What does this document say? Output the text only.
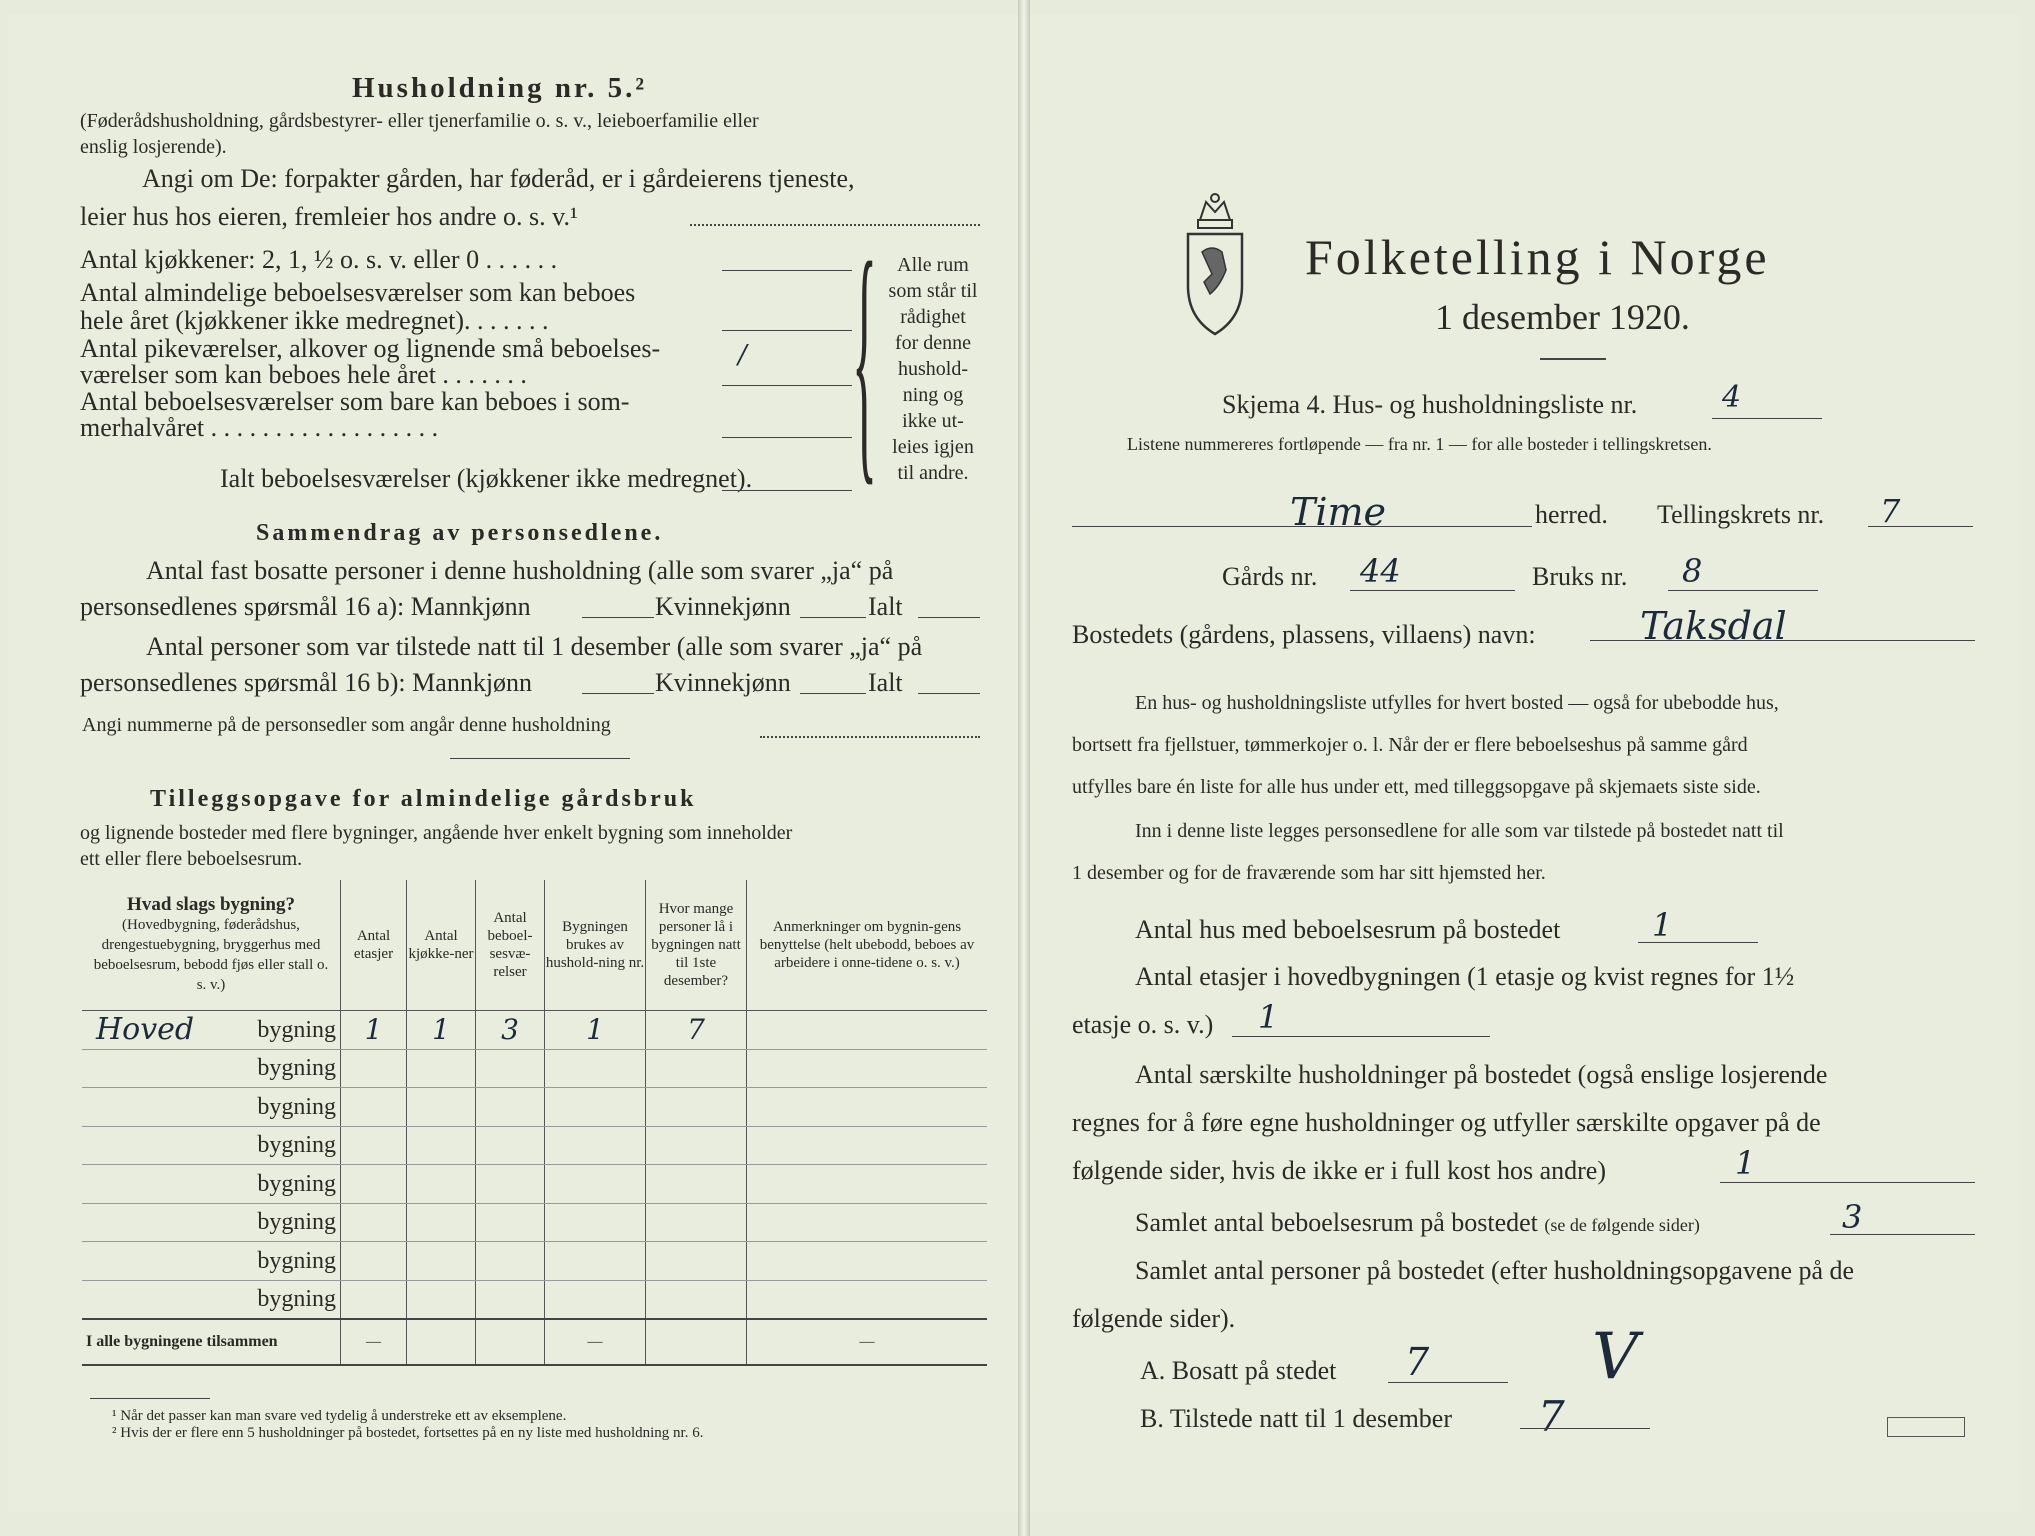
Husholdning nr. 5.²
(Føderådshusholdning, gårdsbestyrer- eller tjenerfamilie o. s. v., leieboerfamilie eller
enslig losjerende).
Angi om De: forpakter gården, har føderåd, er i gårdeierens tjeneste,
leier hus hos eieren, fremleier hos andre o. s. v.¹
Antal kjøkkener: 2, 1, ½ o. s. v. eller 0 . . . . . .
Antal almindelige beboelsesværelser som kan beboes
hele året (kjøkkener ikke medregnet). . . . . . .
Antal pikeværelser, alkover og lignende små beboelses-
værelser som kan beboes hele året . . . . . . .
/
Antal beboelsesværelser som bare kan beboes i som-
merhalvåret . . . . . . . . . . . . . . . . . .
Ialt beboelsesværelser (kjøkkener ikke medregnet). {	Alle rum
som står til
rådighet
for denne
hushold-
ning og
ikke ut-
leies igjen
til andre.
Sammendrag av personsedlene.
Antal fast bosatte personer i denne husholdning (alle som svarer „ja“ på
personsedlenes spørsmål 16 a): Mannkjønn	Kvinnekjønn	Ialt
Antal personer som var tilstede natt til 1 desember (alle som svarer „ja“ på
personsedlenes spørsmål 16 b): Mannkjønn	Kvinnekjønn	Ialt
Angi nummerne på de personsedler som angår denne husholdning
Tilleggsopgave for almindelige gårdsbruk
og lignende bosteder med flere bygninger, angående hver enkelt bygning som inneholder
ett eller flere beboelsesrum.
Hvad slags bygning?
(Hovedbygning, føderådshus, drengestuebygning, bryggerhus med beboelsesrum, bebodd fjøs eller stall o. s. v.)	Antal etasjer	Antal kjøkke-ner	Antal beboel-sesvæ-relser	Bygningen brukes av hushold-ning nr.	Hvor mange personer lå i bygningen natt til 1ste desember?	Anmerkninger om bygnin-gens benyttelse (helt ubebodd, beboes av arbeidere i onne-tidene o. s. v.)

Hoved bygning	1	1	3	1	7	
bygning						
bygning						
bygning						
bygning						
bygning						
bygning						
bygning						
I alle bygningene tilsammen	—			—		—
¹ Når det passer kan man svare ved tydelig å understreke ett av eksemplene.
² Hvis der er flere enn 5 husholdninger på bostedet, fortsettes på en ny liste med husholdning nr. 6.
Folketelling i Norge
1 desember 1920.
Skjema 4. Hus- og husholdningsliste nr.	4
Listene nummereres fortløpende — fra nr. 1 — for alle bosteder i tellingskretsen.
Time	herred. Tellingskrets nr. 7
Gårds nr. 44	Bruks nr. 8
Bostedets (gårdens, plassens, villaens) navn:	Taksdal
En hus- og husholdningsliste utfylles for hvert bosted — også for ubebodde hus,
bortsett fra fjellstuer, tømmerkojer o. l. Når der er flere beboelseshus på samme gård
utfylles bare én liste for alle hus under ett, med tilleggsopgave på skjemaets siste side.
Inn i denne liste legges personsedlene for alle som var tilstede på bostedet natt til
1 desember og for de fraværende som har sitt hjemsted her.
Antal hus med beboelsesrum på bostedet	1
Antal etasjer i hovedbygningen (1 etasje og kvist regnes for 1½
etasje o. s. v.) 1
Antal særskilte husholdninger på bostedet (også enslige losjerende
regnes for å føre egne husholdninger og utfyller særskilte opgaver på de
følgende sider, hvis de ikke er i full kost hos andre)	1
Samlet antal beboelsesrum på bostedet (se de følgende sider)	3
Samlet antal personer på bostedet (efter husholdningsopgavene på de
følgende sider).
A. Bosatt på stedet 7
B. Tilstede natt til 1 desember 7
V
